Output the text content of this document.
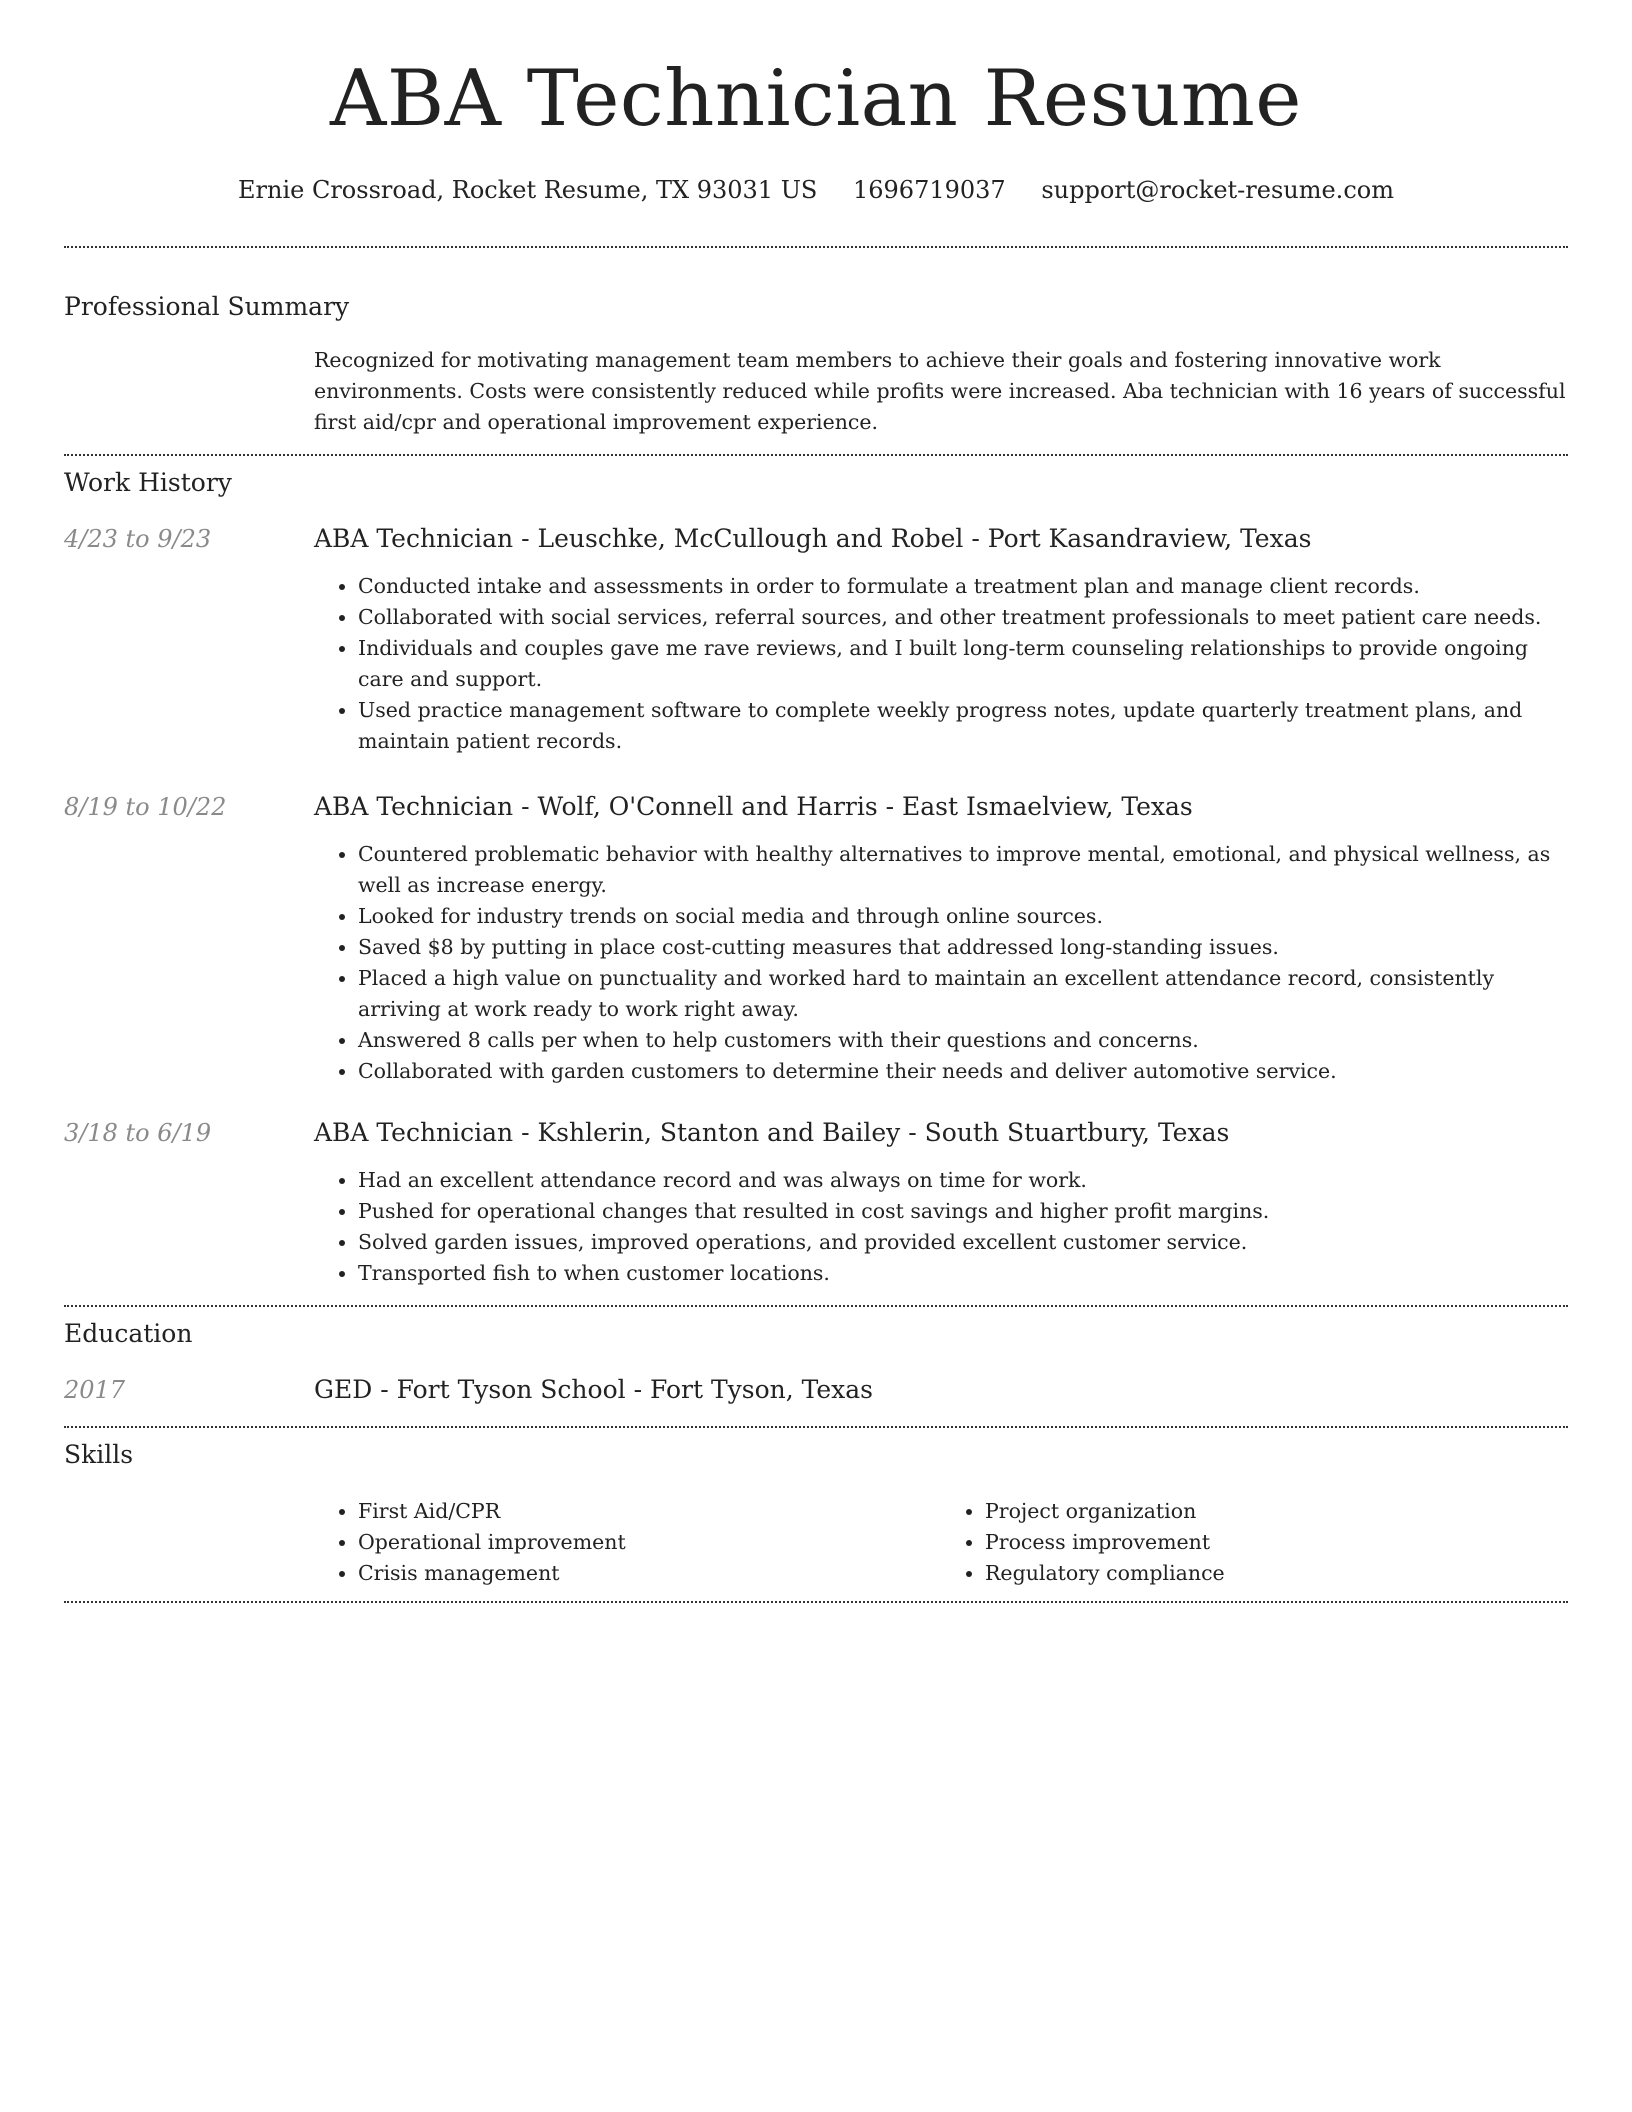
ABA Technician Resume
Ernie Crossroad, Rocket Resume, TX 93031 US 1696719037 support@rocket-resume.com
Professional Summary
Recognized for motivating management team members to achieve their goals and fostering innovative work environments. Costs were consistently reduced while profits were increased. Aba technician with 16 years of successful first aid/cpr and operational improvement experience.
Work History
4/23 to 9/23	ABA Technician - Leuschke, McCullough and Robel - Port Kasandraview, Texas
• Conducted intake and assessments in order to formulate a treatment plan and manage client records.
• Collaborated with social services, referral sources, and other treatment professionals to meet patient care needs.
• Individuals and couples gave me rave reviews, and I built long-term counseling relationships to provide ongoing care and support.
• Used practice management software to complete weekly progress notes, update quarterly treatment plans, and maintain patient records.
8/19 to 10/22	ABA Technician - Wolf, O'Connell and Harris - East Ismaelview, Texas
• Countered problematic behavior with healthy alternatives to improve mental, emotional, and physical wellness, as well as increase energy.
• Looked for industry trends on social media and through online sources.
• Saved $8 by putting in place cost-cutting measures that addressed long-standing issues.
• Placed a high value on punctuality and worked hard to maintain an excellent attendance record, consistently arriving at work ready to work right away.
• Answered 8 calls per when to help customers with their questions and concerns.
• Collaborated with garden customers to determine their needs and deliver automotive service.
3/18 to 6/19	ABA Technician - Kshlerin, Stanton and Bailey - South Stuartbury, Texas
• Had an excellent attendance record and was always on time for work.
• Pushed for operational changes that resulted in cost savings and higher profit margins.
• Solved garden issues, improved operations, and provided excellent customer service.
• Transported fish to when customer locations.
Education
2017	GED - Fort Tyson School - Fort Tyson, Texas
Skills
• First Aid/CPR
• Operational improvement
• Crisis management
• Project organization
• Process improvement
• Regulatory compliance
